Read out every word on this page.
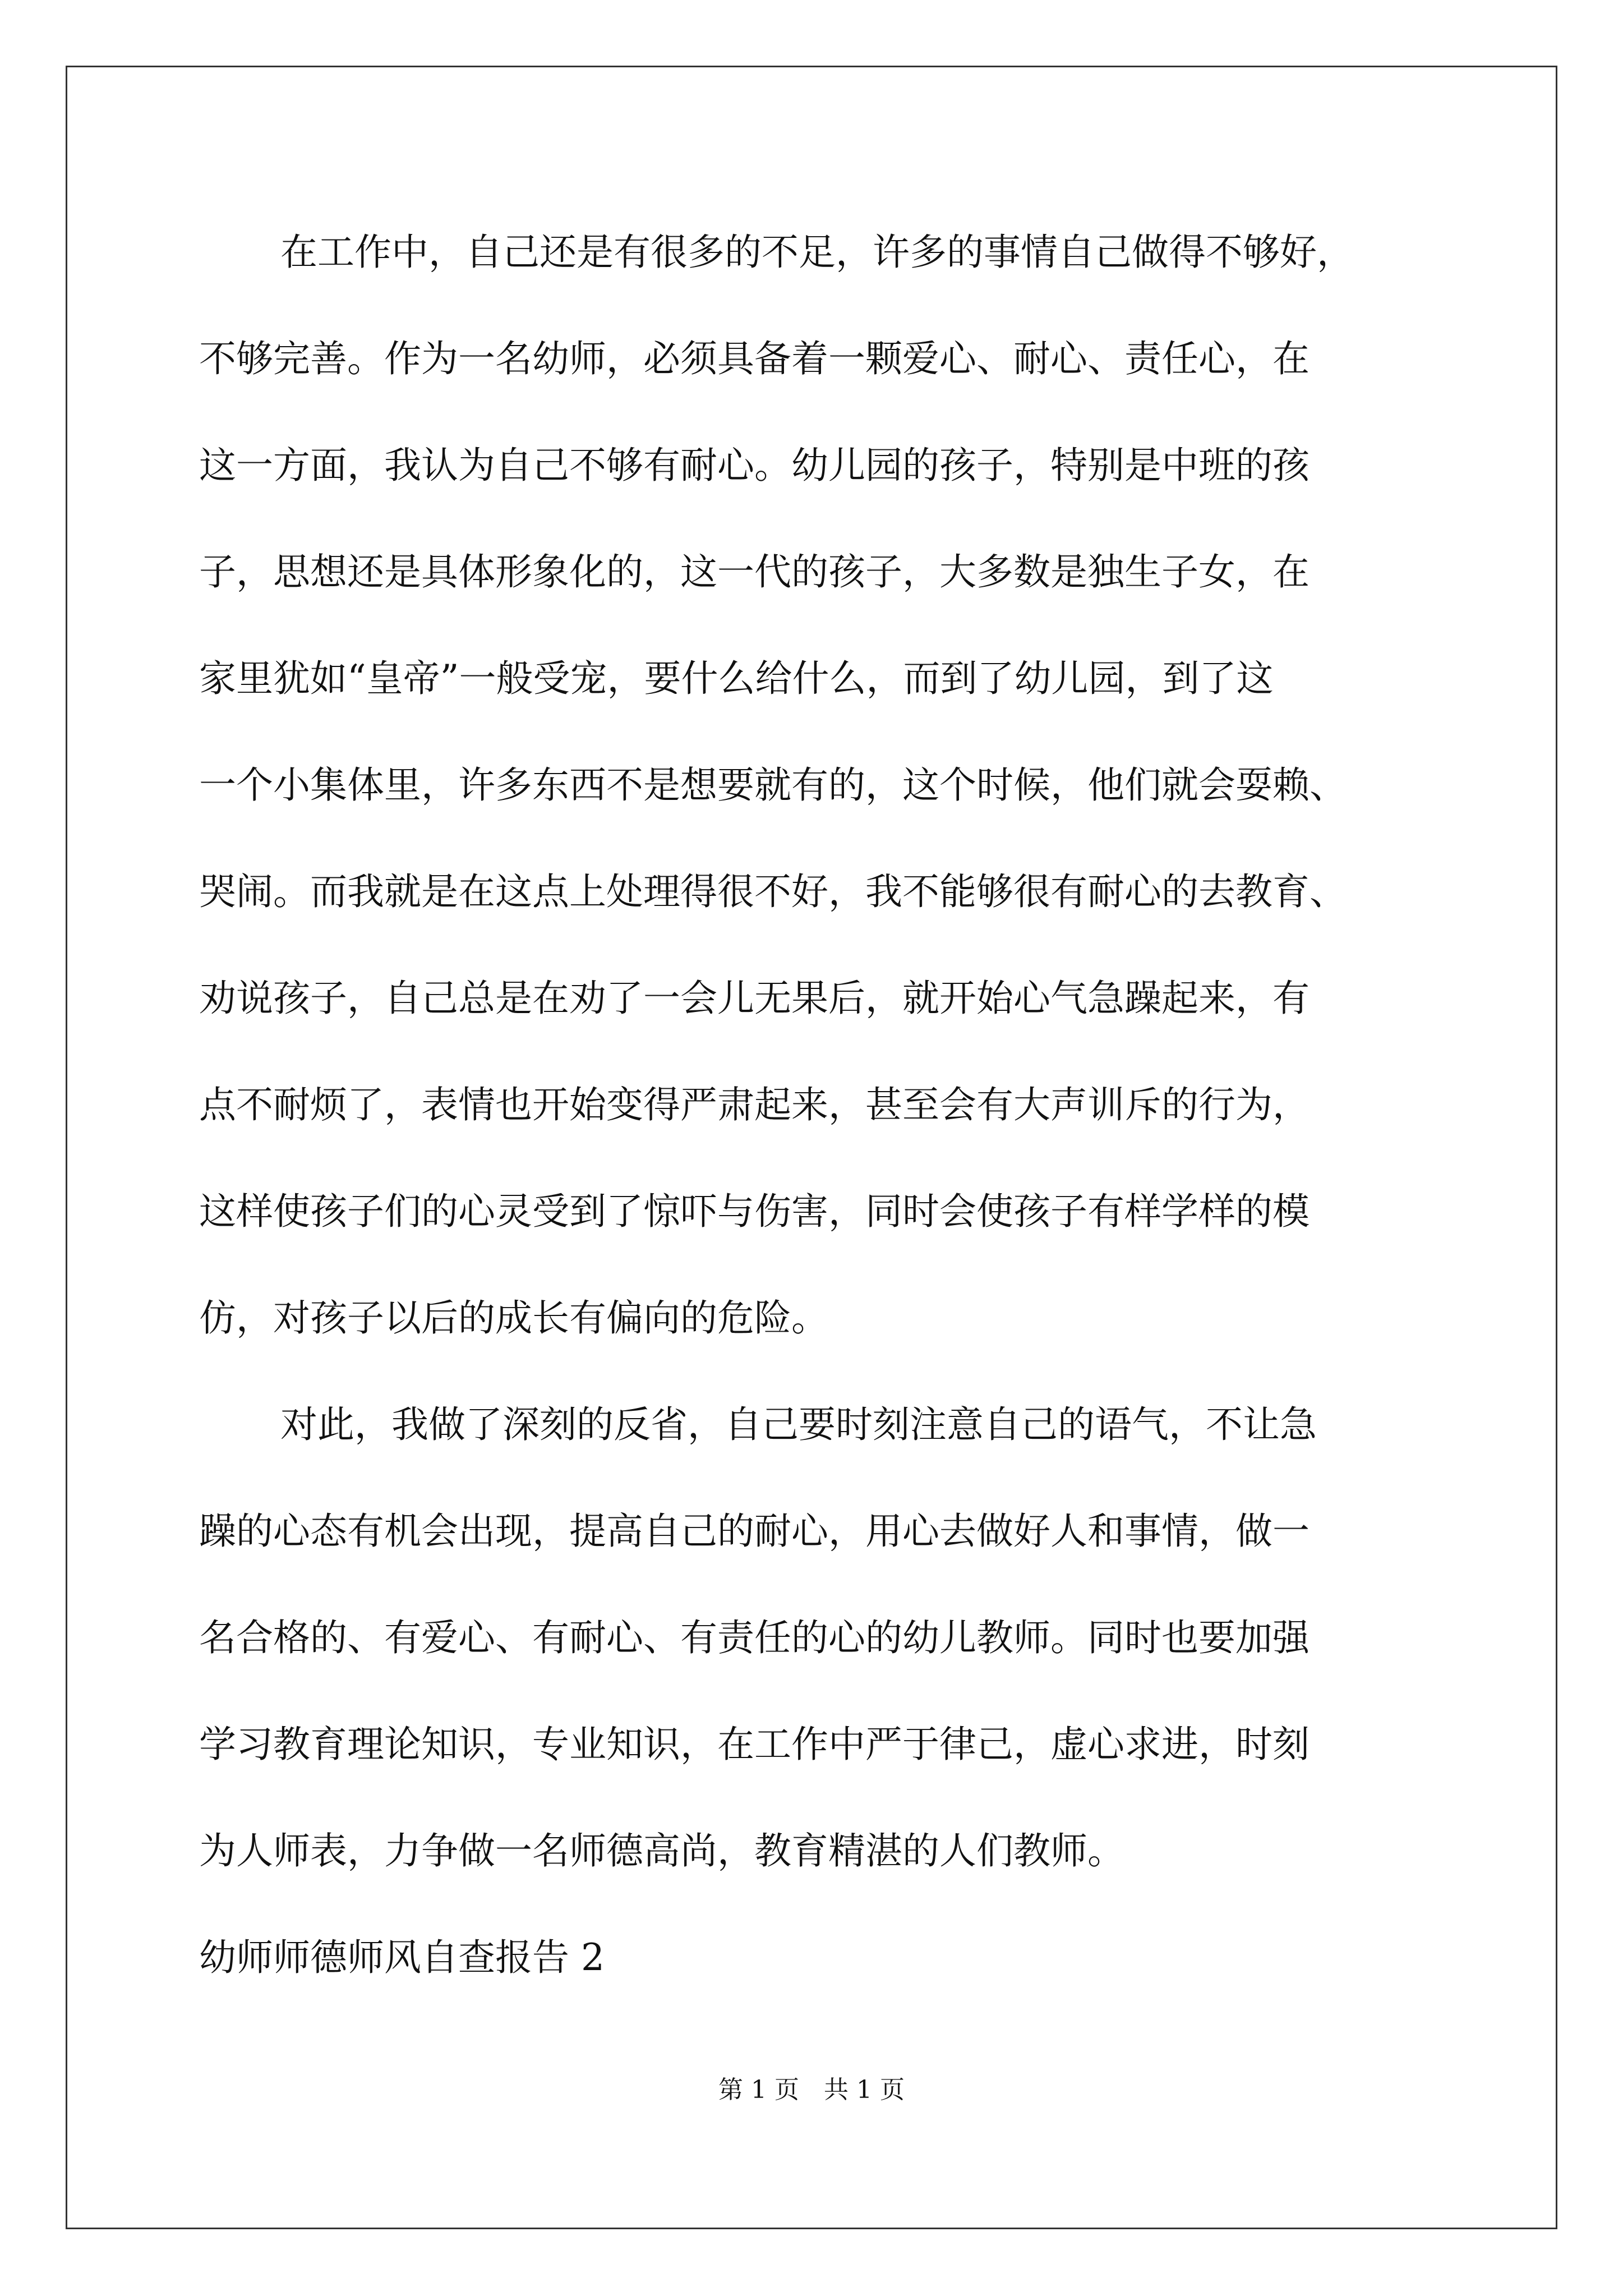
在工作中，自己还是有很多的不足，许多的事情自己做得不够好，
不够完善。作为一名幼师，必须具备着一颗爱心、耐心、责任心，在
这一方面，我认为自己不够有耐心。幼儿园的孩子，特别是中班的孩
子，思想还是具体形象化的，这一代的孩子，大多数是独生子女，在
家里犹如“皇帝”一般受宠，要什么给什么，而到了幼儿园，到了这
一个小集体里，许多东西不是想要就有的，这个时候，他们就会耍赖、
哭闹。而我就是在这点上处理得很不好，我不能够很有耐心的去教育、
劝说孩子，自己总是在劝了一会儿无果后，就开始心气急躁起来，有
点不耐烦了，表情也开始变得严肃起来，甚至会有大声训斥的行为，
这样使孩子们的心灵受到了惊吓与伤害，同时会使孩子有样学样的模
仿，对孩子以后的成长有偏向的危险。
对此，我做了深刻的反省，自己要时刻注意自己的语气，不让急
躁的心态有机会出现，提高自己的耐心，用心去做好人和事情，做一
名合格的、有爱心、有耐心、有责任的心的幼儿教师。同时也要加强
学习教育理论知识，专业知识，在工作中严于律己，虚心求进，时刻
为人师表，力争做一名师德高尚，教育精湛的人们教师。
幼师师德师风自查报告 2
第 1 页　共 1 页
